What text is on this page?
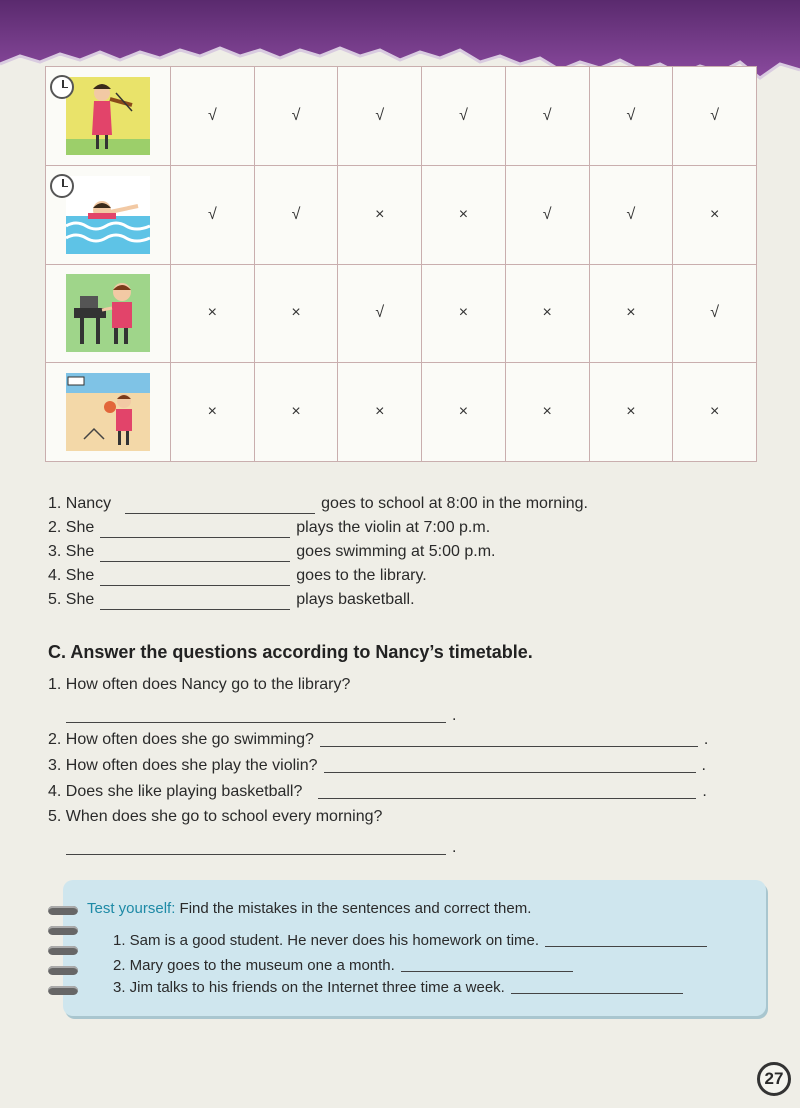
	√	√	√	√	√	√	√

	√	√	×	×	√	√	×

	×	×	√	×	×	×	√

	×	×	×	×	×	×	×
1. Nancy	goes to school at 8:00 in the morning.
2. She	plays the violin at 7:00 p.m.
3. She	goes swimming at 5:00 p.m.
4. She	goes to the library.
5. She	plays basketball.
C. Answer the questions according to Nancy’s timetable.
1. How often does Nancy go to the library?
.
2. How often does she go swimming?	.
3. How often does she play the violin?	.
4. Does she like playing basketball?	.
5. When does she go to school every morning?
.
Test yourself: Find the mistakes in the sentences and correct them.
1. Sam is a good student. He never does his homework on time.
2. Mary goes to the museum one a month.
3. Jim talks to his friends on the Internet three time a week.
27
